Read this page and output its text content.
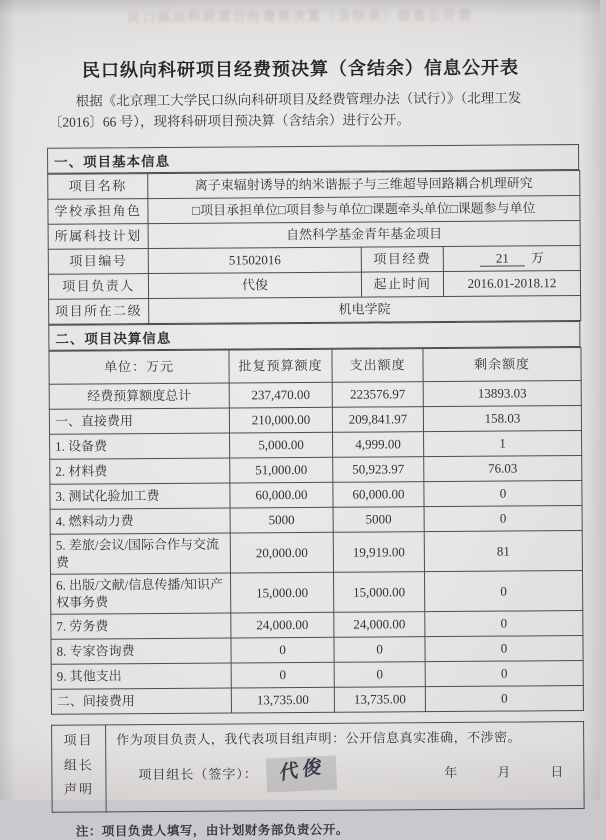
民口纵向科研项目经费预决算（含结余）信息公开表
民口纵向科研项目经费预决算（含结余）信息公开表
根据《北京理工大学民口纵向科研项目及经费管理办法（试行）》（北理工发
〔2016〕66 号），现将科研项目预决算（含结余）进行公开。
一、项目基本信息
项目名称	离子束辐射诱导的纳米谐振子与三维超导回路耦合机理研究		
学校承担角色	□项目承担单位□项目参与单位□课题牵头单位□课题参与单位		
所属科技计划	自然科学基金青年基金项目		
项目编号	51502016	项目经费	21 万
项目负责人	代俊	起止时间	2016.01-2018.12
项目所在二级	机电学院		
二、项目决算信息
单位：万元	批复预算额度	支出额度	剩余额度
经费预算额度总计	237,470.00	223576.97	13893.03
一、直接费用	210,000.00	209,841.97	158.03
1. 设备费	5,000.00	4,999.00	1
2. 材料费	51,000.00	50,923.97	76.03
3. 测试化验加工费	60,000.00	60,000.00	0
4. 燃料动力费	5000	5000	0
5. 差旅/会议/国际合作与交流费	20,000.00	19,919.00	81
6. 出版/文献/信息传播/知识产权事务费	15,000.00	15,000.00	0
7. 劳务费	24,000.00	24,000.00	0
8. 专家咨询费	0	0	0
9. 其他支出	0	0	0
二、间接费用	13,735.00	13,735.00	0
项目
组长
声明

作为项目负责人，我代表项目组声明：公开信息真实准确，不涉密。
项目组长（签字）： 代俊	年	月	日
注：项目负责人填写，由计划财务部负责公开。
